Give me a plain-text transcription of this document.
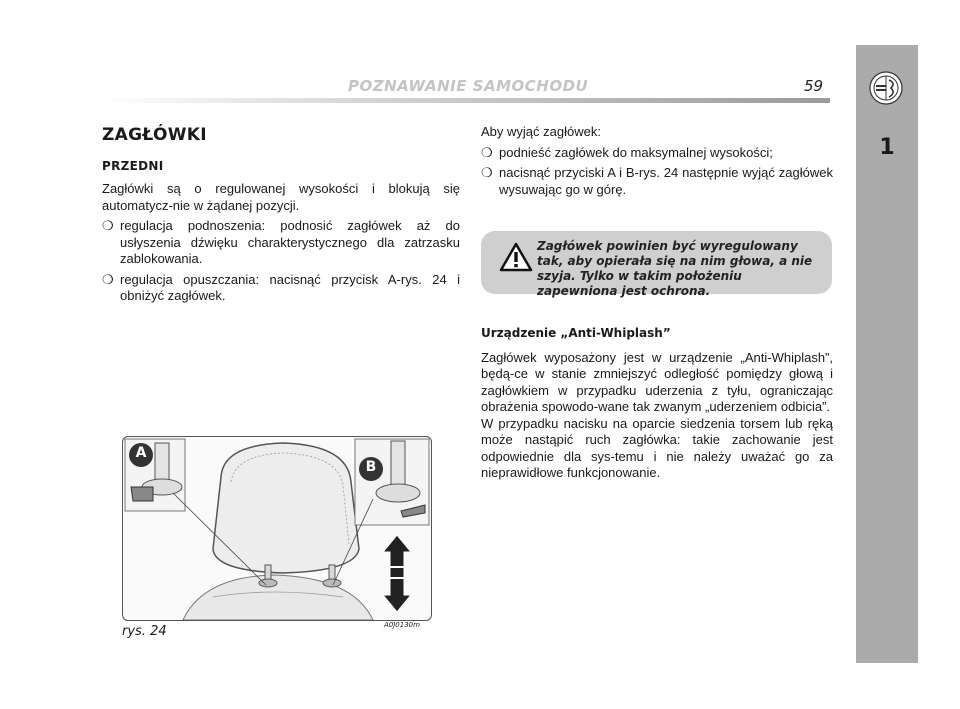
POZNAWANIE SAMOCHODU	59
1
ZAGŁÓWKI
PRZEDNI

Zagłówki są o regulowanej wysokości i blokują się automatycz-nie w żądanej pozycji.

❍ regulacja podnoszenia: podnosić zagłówek aż do usłyszenia dźwięku charakterystycznego dla zatrzasku zablokowania.
❍ regulacja opuszczania: nacisnąć przycisk A-rys. 24 i obniżyć zagłówek.

Aby wyjąć zagłówek:

❍ podnieść zagłówek do maksymalnej wysokości;
❍ nacisnąć przyciski A i B-rys. 24 następnie wyjąć zagłówek wysuwając go w górę.
Zagłówek powinien być wyregulowany tak, aby opierała się na nim głowa, a nie szyja. Tylko w takim położeniu zapewniona jest ochrona.
Urządzenie „Anti-Whiplash”

Zagłówek wyposażony jest w urządzenie „Anti-Whiplash”, będą-ce w stanie zmniejszyć odległość pomiędzy głową i zagłówkiem w przypadku uderzenia z tyłu, ograniczając obrażenia spowodo-wane tak zwanym „uderzeniem odbicia”.

W przypadku nacisku na oparcie siedzenia torsem lub ręką może nastąpić ruch zagłówka: takie zachowanie jest odpowiednie dla sys-temu i nie należy uważać go za nieprawidłowe funkcjonowanie.

A
B
rys. 24	A0J0130m
